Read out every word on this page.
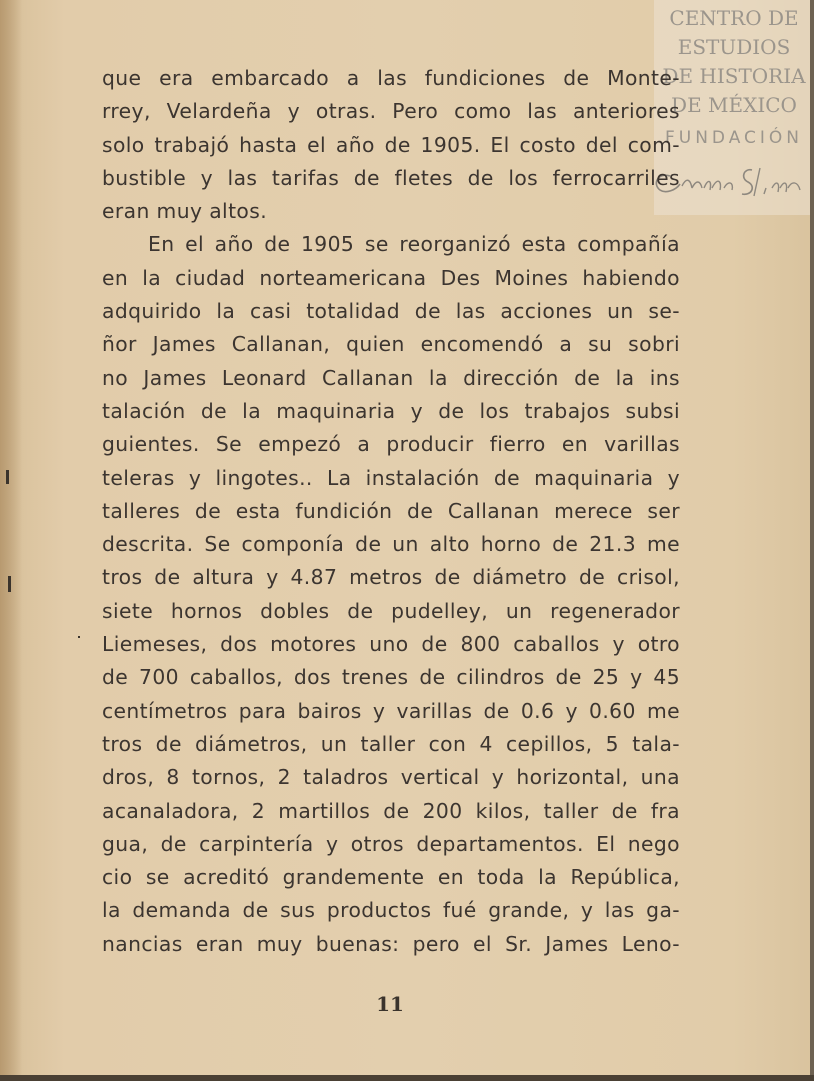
CENTRO DE
ESTUDIOS
DE HISTORIA
DE MÉXICO
FUNDACIÓN
que era embarcado a las fundiciones de Monte-
rrey, Velardeña y otras. Pero como las anteriores
solo trabajó hasta el año de 1905. El costo del com-
bustible y las tarifas de fletes de los ferrocarriles
eran muy altos.
En el año de 1905 se reorganizó esta compañía
en la ciudad norteamericana Des Moines habiendo
adquirido la casi totalidad de las acciones un se-
ñor James Callanan, quien encomendó a su sobri
no James Leonard Callanan la dirección de la ins
talación de la maquinaria y de los trabajos subsi
guientes. Se empezó a producir fierro en varillas
teleras y lingotes.. La instalación de maquinaria y
talleres de esta fundición de Callanan merece ser
descrita. Se componía de un alto horno de 21.3 me
tros de altura y 4.87 metros de diámetro de crisol,
siete hornos dobles de pudelley, un regenerador
Liemeses, dos motores uno de 800 caballos y otro
de 700 caballos, dos trenes de cilindros de 25 y 45
centímetros para bairos y varillas de 0.6 y 0.60 me
tros de diámetros, un taller con 4 cepillos, 5 tala-
dros, 8 tornos, 2 taladros vertical y horizontal, una
acanaladora, 2 martillos de 200 kilos, taller de fra
gua, de carpintería y otros departamentos. El nego
cio se acreditó grandemente en toda la República,
la demanda de sus productos fué grande, y las ga-
nancias eran muy buenas: pero el Sr. James Leno-
11
